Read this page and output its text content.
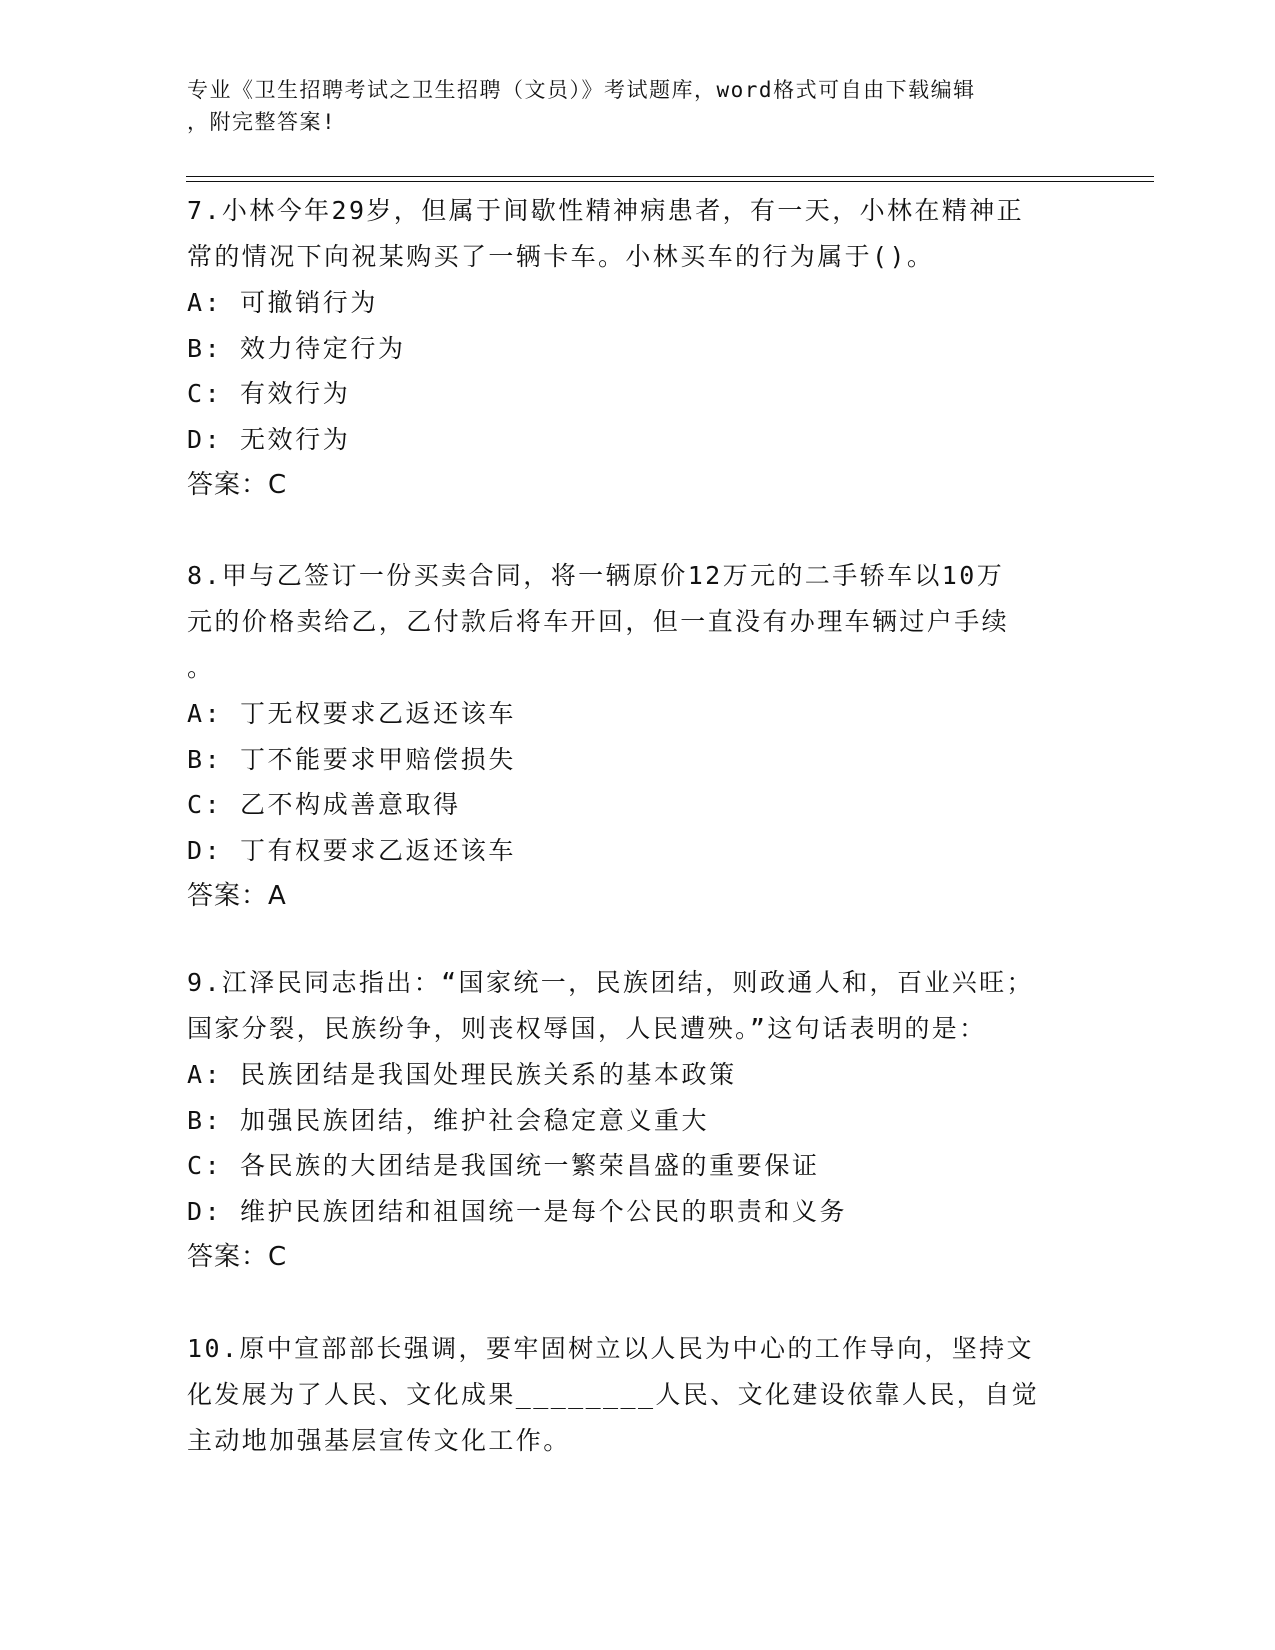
专业《卫生招聘考试之卫生招聘（文员）》考试题库，word格式可自由下载编辑
，附完整答案!

7.小林今年29岁，但属于间歇性精神病患者，有一天，小林在精神正

常的情况下向祝某购买了一辆卡车。小林买车的行为属于()。

A: 可撤销行为

B: 效力待定行为

C: 有效行为

D: 无效行为

答案：C

8.甲与乙签订一份买卖合同，将一辆原价12万元的二手轿车以10万

元的价格卖给乙，乙付款后将车开回，但一直没有办理车辆过户手续

。

A: 丁无权要求乙返还该车

B: 丁不能要求甲赔偿损失

C: 乙不构成善意取得

D: 丁有权要求乙返还该车

答案：A

9.江泽民同志指出：“国家统一，民族团结，则政通人和，百业兴旺；

国家分裂，民族纷争，则丧权辱国，人民遭殃。”这句话表明的是：

A: 民族团结是我国处理民族关系的基本政策

B: 加强民族团结，维护社会稳定意义重大

C: 各民族的大团结是我国统一繁荣昌盛的重要保证

D: 维护民族团结和祖国统一是每个公民的职责和义务

答案：C

10.原中宣部部长强调，要牢固树立以人民为中心的工作导向，坚持文

化发展为了人民、文化成果________人民、文化建设依靠人民，自觉

主动地加强基层宣传文化工作。
